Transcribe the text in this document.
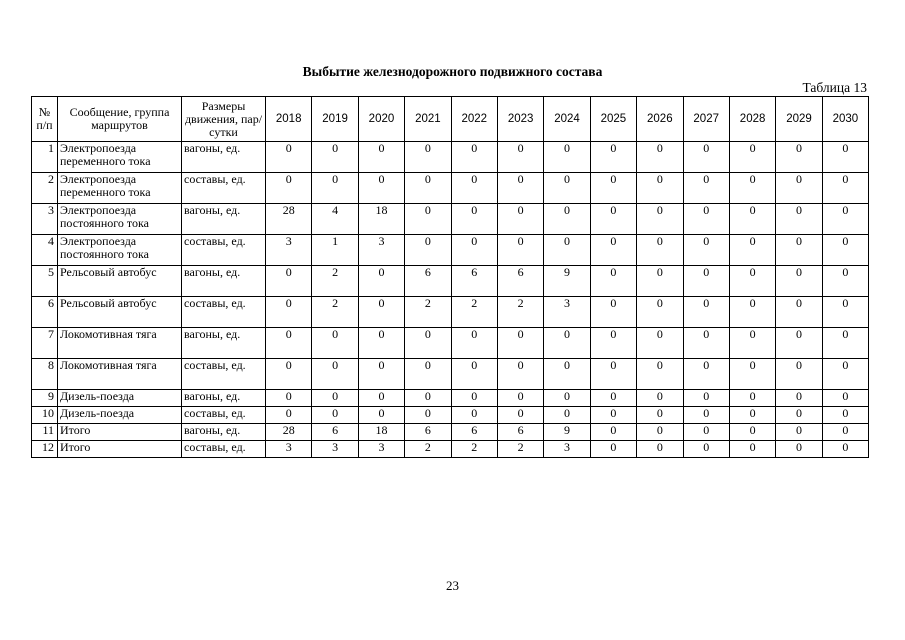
Выбытие железнодорожного подвижного состава
Таблица 13
№
п/п	Сообщение, группа маршрутов	Размеры движения, пар/сутки	2018	2019	2020	2021	2022	2023	2024	2025	2026	2027	2028	2029	2030
1	Электропоезда переменного тока	вагоны, ед.	0	0	0	0	0	0	0	0	0	0	0	0	0
2	Электропоезда переменного тока	составы, ед.	0	0	0	0	0	0	0	0	0	0	0	0	0
3	Электропоезда постоянного тока	вагоны, ед.	28	4	18	0	0	0	0	0	0	0	0	0	0
4	Электропоезда постоянного тока	составы, ед.	3	1	3	0	0	0	0	0	0	0	0	0	0
5	Рельсовый автобус	вагоны, ед.	0	2	0	6	6	6	9	0	0	0	0	0	0
6	Рельсовый автобус	составы, ед.	0	2	0	2	2	2	3	0	0	0	0	0	0
7	Локомотивная тяга	вагоны, ед.	0	0	0	0	0	0	0	0	0	0	0	0	0
8	Локомотивная тяга	составы, ед.	0	0	0	0	0	0	0	0	0	0	0	0	0
9	Дизель-поезда	вагоны, ед.	0	0	0	0	0	0	0	0	0	0	0	0	0
10	Дизель-поезда	составы, ед.	0	0	0	0	0	0	0	0	0	0	0	0	0
11	Итого	вагоны, ед.	28	6	18	6	6	6	9	0	0	0	0	0	0
12	Итого	составы, ед.	3	3	3	2	2	2	3	0	0	0	0	0	0
23
